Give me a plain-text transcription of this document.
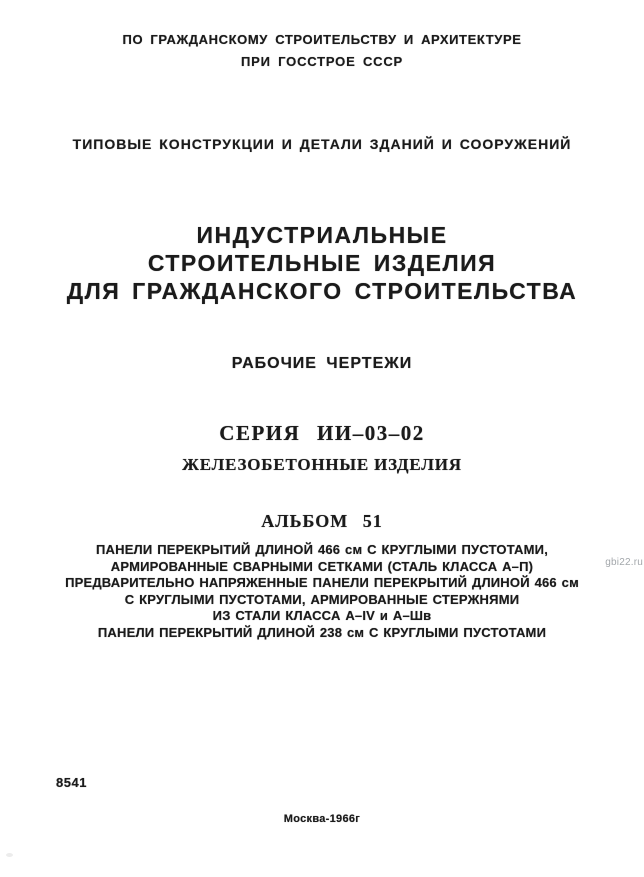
ПО ГРАЖДАНСКОМУ СТРОИТЕЛЬСТВУ И АРХИТЕКТУРЕ
ПРИ ГОССТРОЕ СССР
ТИПОВЫЕ КОНСТРУКЦИИ И ДЕТАЛИ ЗДАНИЙ И СООРУЖЕНИЙ
ИНДУСТРИАЛЬНЫЕ
СТРОИТЕЛЬНЫЕ ИЗДЕЛИЯ
ДЛЯ ГРАЖДАНСКОГО СТРОИТЕЛЬСТВА
РАБОЧИЕ ЧЕРТЕЖИ
СЕРИЯ ИИ–03–02
ЖЕЛЕЗОБЕТОННЫЕ ИЗДЕЛИЯ
АЛЬБОМ 51
ПАНЕЛИ ПЕРЕКРЫТИЙ ДЛИНОЙ 466 см С КРУГЛЫМИ ПУСТОТАМИ,
АРМИРОВАННЫЕ СВАРНЫМИ СЕТКАМИ (СТАЛЬ КЛАССА А–П)
ПРЕДВАРИТЕЛЬНО НАПРЯЖЕННЫЕ ПАНЕЛИ ПЕРЕКРЫТИЙ ДЛИНОЙ 466 см
С КРУГЛЫМИ ПУСТОТАМИ, АРМИРОВАННЫЕ СТЕРЖНЯМИ
ИЗ СТАЛИ КЛАССА А–IV и А–Шв
ПАНЕЛИ ПЕРЕКРЫТИЙ ДЛИНОЙ 238 см С КРУГЛЫМИ ПУСТОТАМИ
gbi22.ru
8541
Москва-1966г
